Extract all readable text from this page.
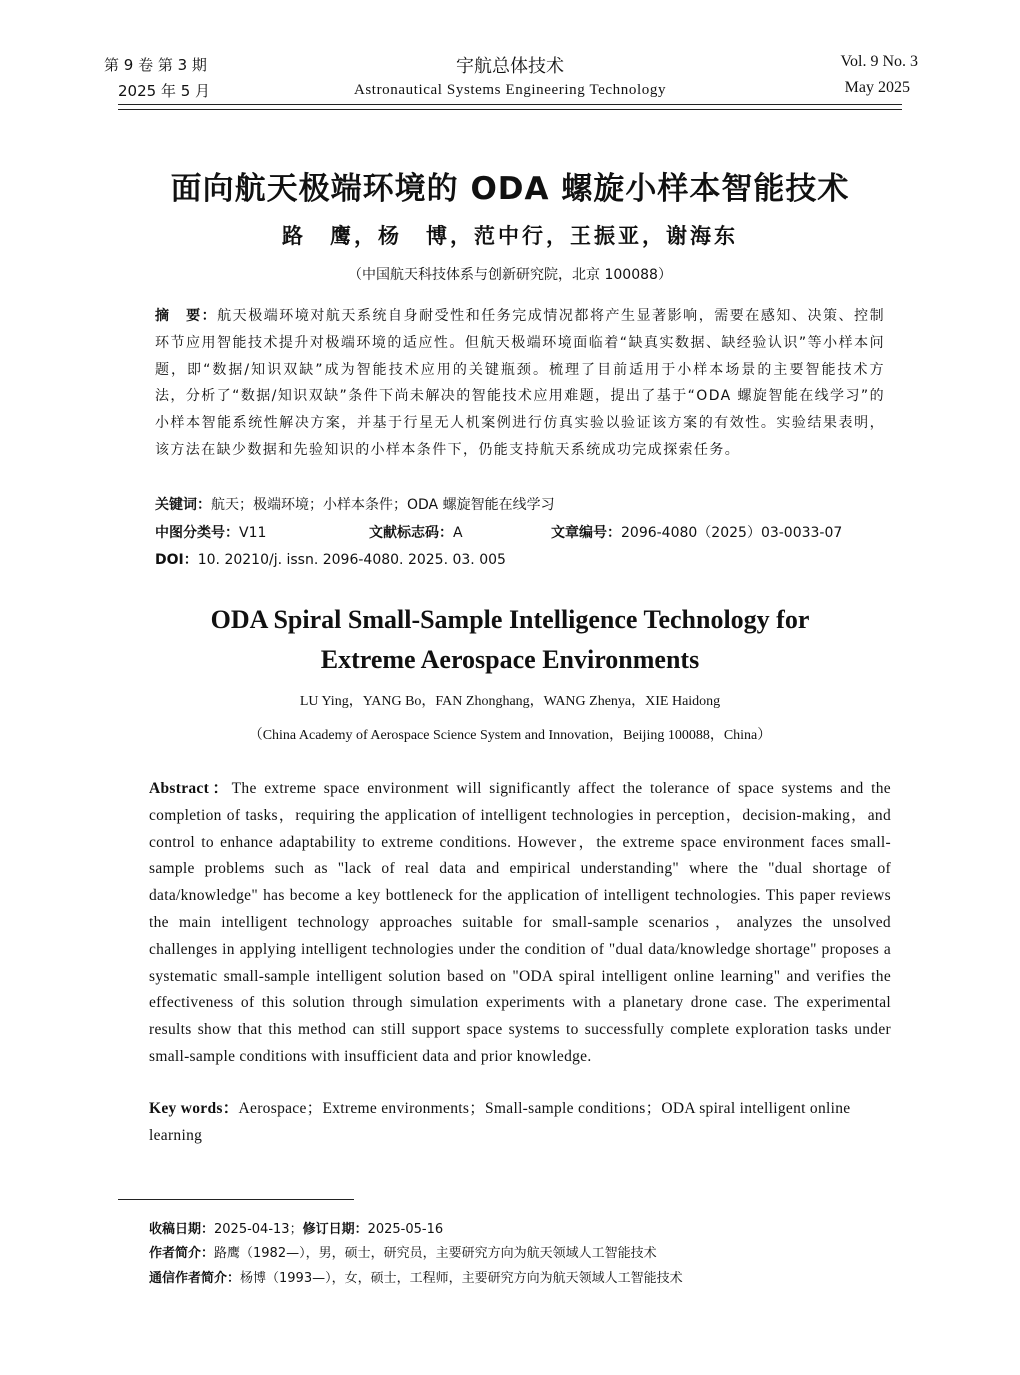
第 9 卷 第 3 期
2025 年 5 月
宇航总体技术
Astronautical Systems Engineering Technology
Vol. 9 No. 3
May 2025
面向航天极端环境的 ODA 螺旋小样本智能技术
路　鹰，杨　博，范中行，王振亚，谢海东
（中国航天科技体系与创新研究院，北京 100088）
摘　要：航天极端环境对航天系统自身耐受性和任务完成情况都将产生显著影响，需要在感知、决策、控制环节应用智能技术提升对极端环境的适应性。但航天极端环境面临着“缺真实数据、缺经验认识”等小样本问题，即“数据/知识双缺”成为智能技术应用的关键瓶颈。梳理了目前适用于小样本场景的主要智能技术方法，分析了“数据/知识双缺”条件下尚未解决的智能技术应用难题，提出了基于“ODA 螺旋智能在线学习”的小样本智能系统性解决方案，并基于行星无人机案例进行仿真实验以验证该方案的有效性。实验结果表明，该方法在缺少数据和先验知识的小样本条件下，仍能支持航天系统成功完成探索任务。
关键词：航天；极端环境；小样本条件；ODA 螺旋智能在线学习
中图分类号：V11	文献标志码：A	文章编号：2096-4080（2025）03-0033-07
DOI：10. 20210/j. issn. 2096-4080. 2025. 03. 005
ODA Spiral Small-Sample Intelligence Technology for
Extreme Aerospace Environments
LU Ying，YANG Bo，FAN Zhonghang，WANG Zhenya，XIE Haidong
（China Academy of Aerospace Science System and Innovation，Beijing 100088，China）
Abstract：The extreme space environment will significantly affect the tolerance of space systems and the completion of tasks，requiring the application of intelligent technologies in perception，decision-making，and control to enhance adaptability to extreme conditions. However，the extreme space environment faces small-sample problems such as "lack of real data and empirical understanding" where the "dual shortage of data/knowledge" has become a key bottleneck for the application of intelligent technologies. This paper reviews the main intelligent technology approaches suitable for small-sample scenarios，analyzes the unsolved challenges in applying intelligent technologies under the condition of "dual data/knowledge shortage" proposes a systematic small-sample intelligent solution based on "ODA spiral intelligent online learning" and verifies the effectiveness of this solution through simulation experiments with a planetary drone case. The experimental results show that this method can still support space systems to successfully complete exploration tasks under small-sample conditions with insufficient data and prior knowledge.
Key words：Aerospace；Extreme environments；Small-sample conditions；ODA spiral intelligent online learning
收稿日期：2025-04-13；修订日期：2025-05-16
作者简介：路鹰（1982—），男，硕士，研究员，主要研究方向为航天领域人工智能技术
通信作者简介：杨博（1993—），女，硕士，工程师，主要研究方向为航天领域人工智能技术
